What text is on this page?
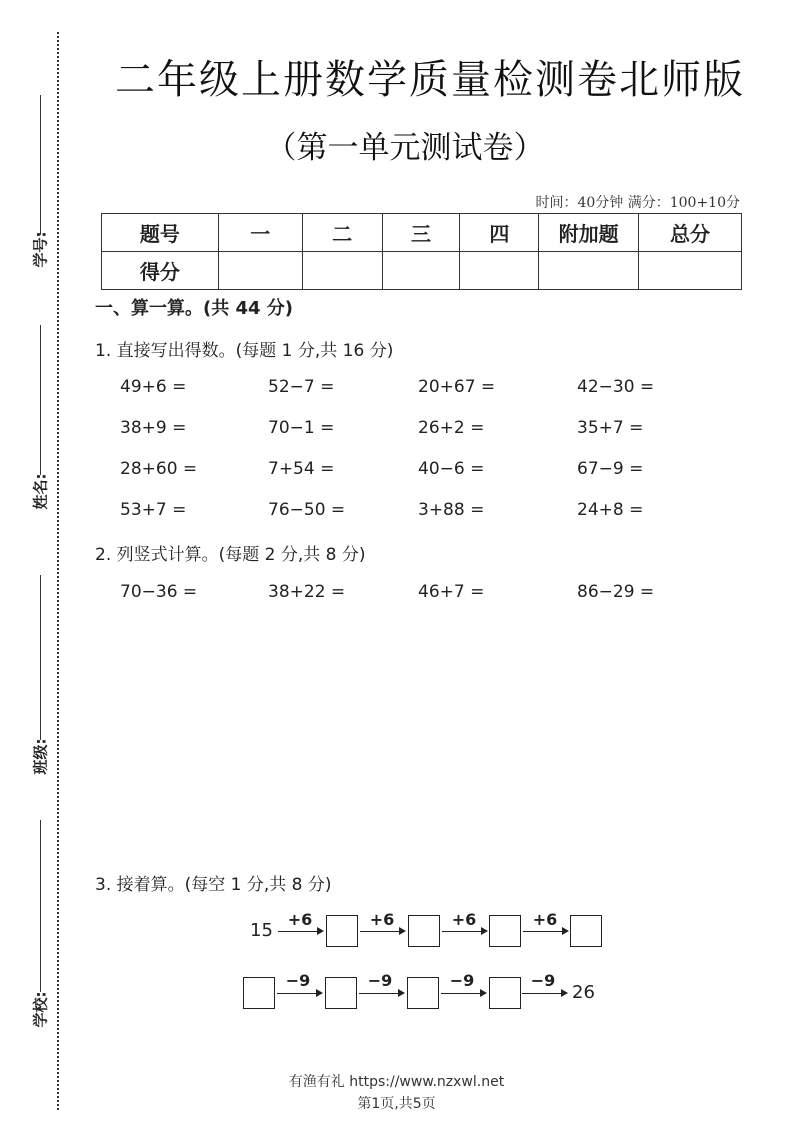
学号:
姓名:
班级:
学校:
二年级上册数学质量检测卷北师版
（第一单元测试卷）
时间：40分钟 满分：100+10分
题号	一	二	三	四	附加题	总分
得分						
一、算一算。(共 44 分)
1. 直接写出得数。(每题 1 分,共 16 分)
49+6 =	52−7 =	20+67 =	42−30 =
38+9 =	70−1 =	26+2 =	35+7 =
28+60 =	7+54 =	40−6 =	67−9 =
53+7 =	76−50 =	3+88 =	24+8 =
2. 列竖式计算。(每题 2 分,共 8 分)
70−36 =	38+22 =	46+7 =	86−29 =
3. 接着算。(每空 1 分,共 8 分)
15
+6	+6	+6	+6
−9	−9	−9	−9
26
有渔有礼 https://www.nzxwl.net
第1页,共5页
